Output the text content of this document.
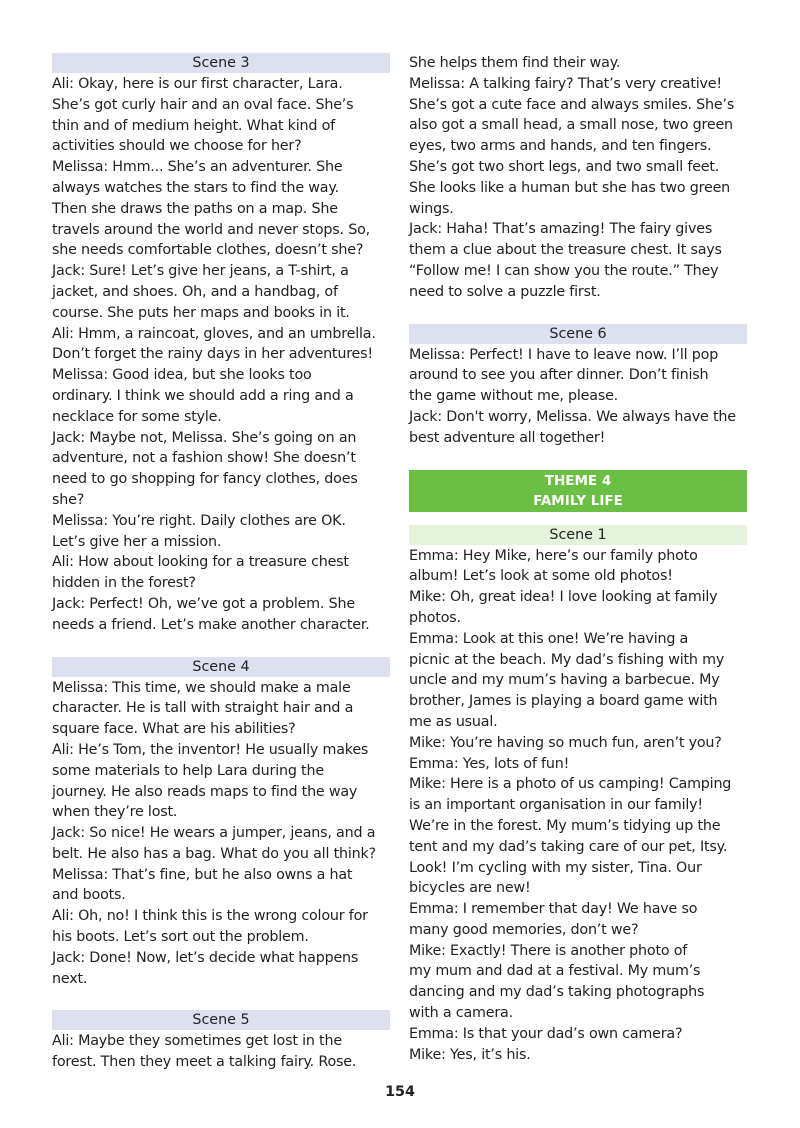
Scene 3
Ali: Okay, here is our first character, Lara.
She’s got curly hair and an oval face. She’s
thin and of medium height. What kind of
activities should we choose for her?
Melissa: Hmm... She’s an adventurer. She
always watches the stars to find the way.
Then she draws the paths on a map. She
travels around the world and never stops. So,
she needs comfortable clothes, doesn’t she?
Jack: Sure! Let’s give her jeans, a T-shirt, a
jacket, and shoes. Oh, and a handbag, of
course. She puts her maps and books in it.
Ali: Hmm, a raincoat, gloves, and an umbrella.
Don’t forget the rainy days in her adventures!
Melissa: Good idea, but she looks too
ordinary. I think we should add a ring and a
necklace for some style.
Jack: Maybe not, Melissa. She’s going on an
adventure, not a fashion show! She doesn’t
need to go shopping for fancy clothes, does
she?
Melissa: You’re right. Daily clothes are OK.
Let’s give her a mission.
Ali: How about looking for a treasure chest
hidden in the forest?
Jack: Perfect! Oh, we’ve got a problem. She
needs a friend. Let’s make another character.
Scene 4
Melissa: This time, we should make a male
character. He is tall with straight hair and a
square face. What are his abilities?
Ali: He’s Tom, the inventor! He usually makes
some materials to help Lara during the
journey. He also reads maps to find the way
when they’re lost.
Jack: So nice! He wears a jumper, jeans, and a
belt. He also has a bag. What do you all think?
Melissa: That’s fine, but he also owns a hat
and boots.
Ali: Oh, no! I think this is the wrong colour for
his boots. Let’s sort out the problem.
Jack: Done! Now, let’s decide what happens
next.
Scene 5
Ali: Maybe they sometimes get lost in the
forest. Then they meet a talking fairy. Rose.
She helps them find their way.
Melissa: A talking fairy? That’s very creative!
She’s got a cute face and always smiles. She’s
also got a small head, a small nose, two green
eyes, two arms and hands, and ten fingers.
She’s got two short legs, and two small feet.
She looks like a human but she has two green
wings.
Jack: Haha! That’s amazing! The fairy gives
them a clue about the treasure chest. It says
“Follow me! I can show you the route.” They
need to solve a puzzle first.
Scene 6
Melissa: Perfect! I have to leave now. I’ll pop
around to see you after dinner. Don’t finish
the game without me, please.
Jack: Don't worry, Melissa. We always have the
best adventure all together!
THEME 4
FAMILY LIFE
Scene 1
Emma: Hey Mike, here’s our family photo
album! Let’s look at some old photos!
Mike: Oh, great idea! I love looking at family
photos.
Emma: Look at this one! We’re having a
picnic at the beach. My dad’s fishing with my
uncle and my mum’s having a barbecue. My
brother, James is playing a board game with
me as usual.
Mike: You’re having so much fun, aren’t you?
Emma: Yes, lots of fun!
Mike: Here is a photo of us camping! Camping
is an important organisation in our family!
We’re in the forest. My mum’s tidying up the
tent and my dad’s taking care of our pet, Itsy.
Look! I’m cycling with my sister, Tina. Our
bicycles are new!
Emma: I remember that day! We have so
many good memories, don’t we?
Mike: Exactly! There is another photo of
my mum and dad at a festival. My mum’s
dancing and my dad’s taking photographs
with a camera.
Emma: Is that your dad’s own camera?
Mike: Yes, it’s his.
154
